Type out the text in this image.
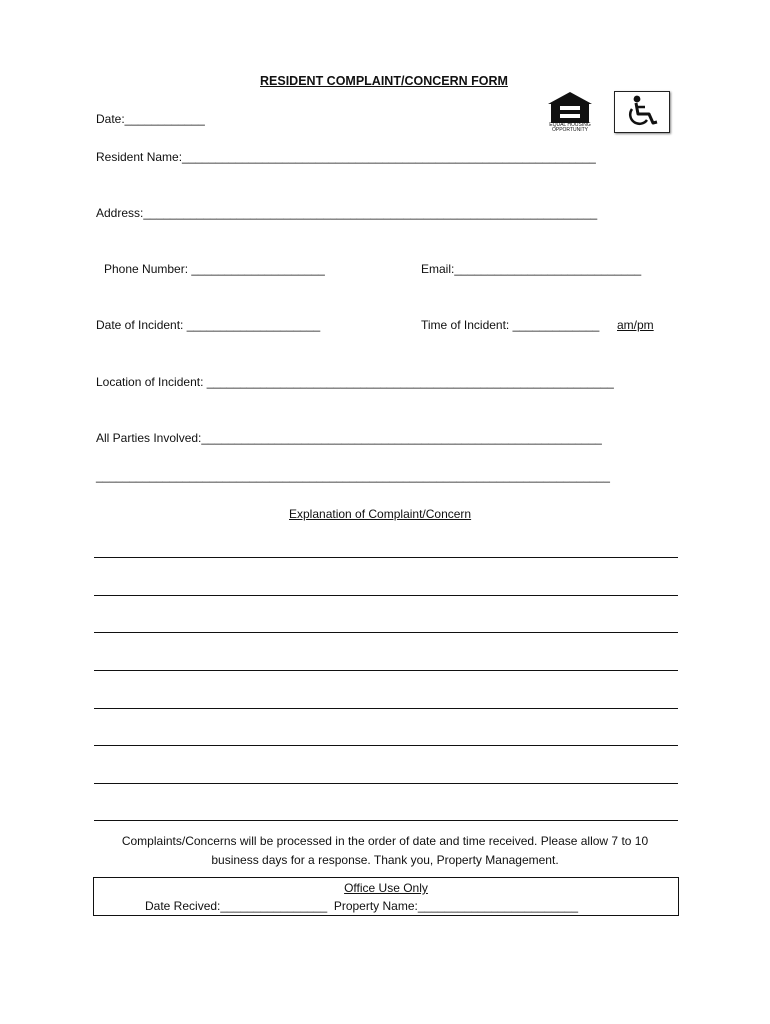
RESIDENT COMPLAINT/CONCERN FORM
Date:____________	EQUAL HOUSING OPPORTUNITY
Resident Name:______________________________________________________________
Address:____________________________________________________________________
Phone Number: ____________________	Email:____________________________
Date of Incident: ____________________	Time of Incident: _____________ am/pm
Location of Incident: _____________________________________________________________
All Parties Involved:____________________________________________________________
_____________________________________________________________________________
Explanation of Complaint/Concern
Complaints/Concerns will be processed in the order of date and time received. Please allow 7 to 10
business days for a response. Thank you, Property Management.
Office Use Only
Date Recived:________________  Property Name:________________________
